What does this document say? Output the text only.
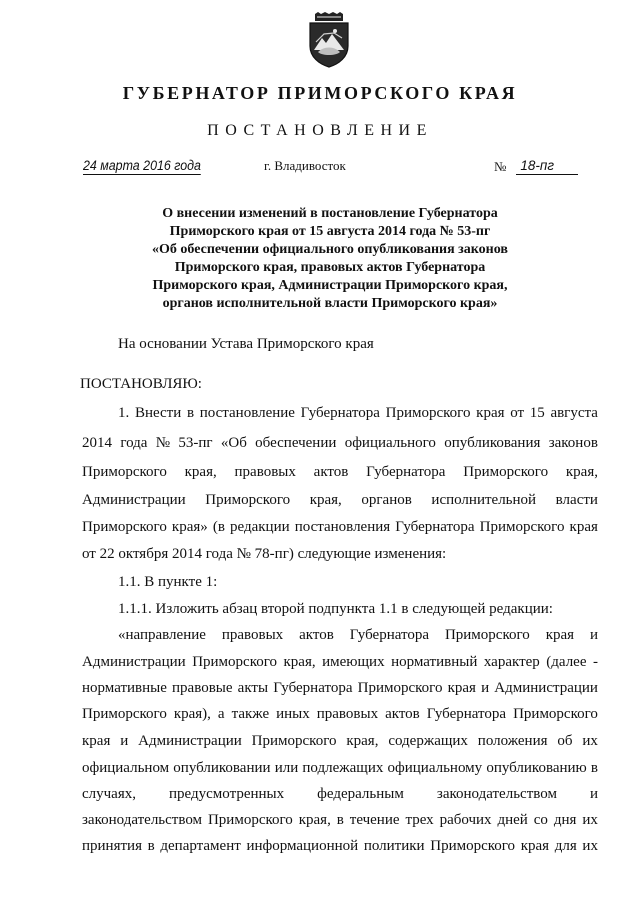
ГУБЕРНАТОР ПРИМОРСКОГО КРАЯ
ПОСТАНОВЛЕНИЕ
24 марта 2016 года	г. Владивосток	№ 18-пг
О внесении изменений в постановление Губернатора
Приморского края от 15 августа 2014 года № 53-пг
«Об обеспечении официального опубликования законов
Приморского края, правовых актов Губернатора
Приморского края, Администрации Приморского края,
органов исполнительной власти Приморского края»
На основании Устава Приморского края
ПОСТАНОВЛЯЮ:
1. Внести в постановление Губернатора Приморского края от 15 августа
2014 года № 53-пг «Об обеспечении официального опубликования законов
Приморского края, правовых актов Губернатора Приморского края,
Администрации Приморского края, органов исполнительной власти
Приморского края» (в редакции постановления Губернатора Приморского края
от 22 октября 2014 года № 78-пг) следующие изменения:
1.1. В пункте 1:
1.1.1. Изложить абзац второй подпункта 1.1 в следующей редакции:
«направление правовых актов Губернатора Приморского края и
Администрации Приморского края, имеющих нормативный характер (далее -
нормативные правовые акты Губернатора Приморского края и Администрации
Приморского края), а также иных правовых актов Губернатора Приморского
края и Администрации Приморского края, содержащих положения об их
официальном опубликовании или подлежащих официальному опубликованию в
случаях, предусмотренных федеральным законодательством и
законодательством Приморского края, в течение трех рабочих дней со дня их
принятия в департамент информационной политики Приморского края для их
